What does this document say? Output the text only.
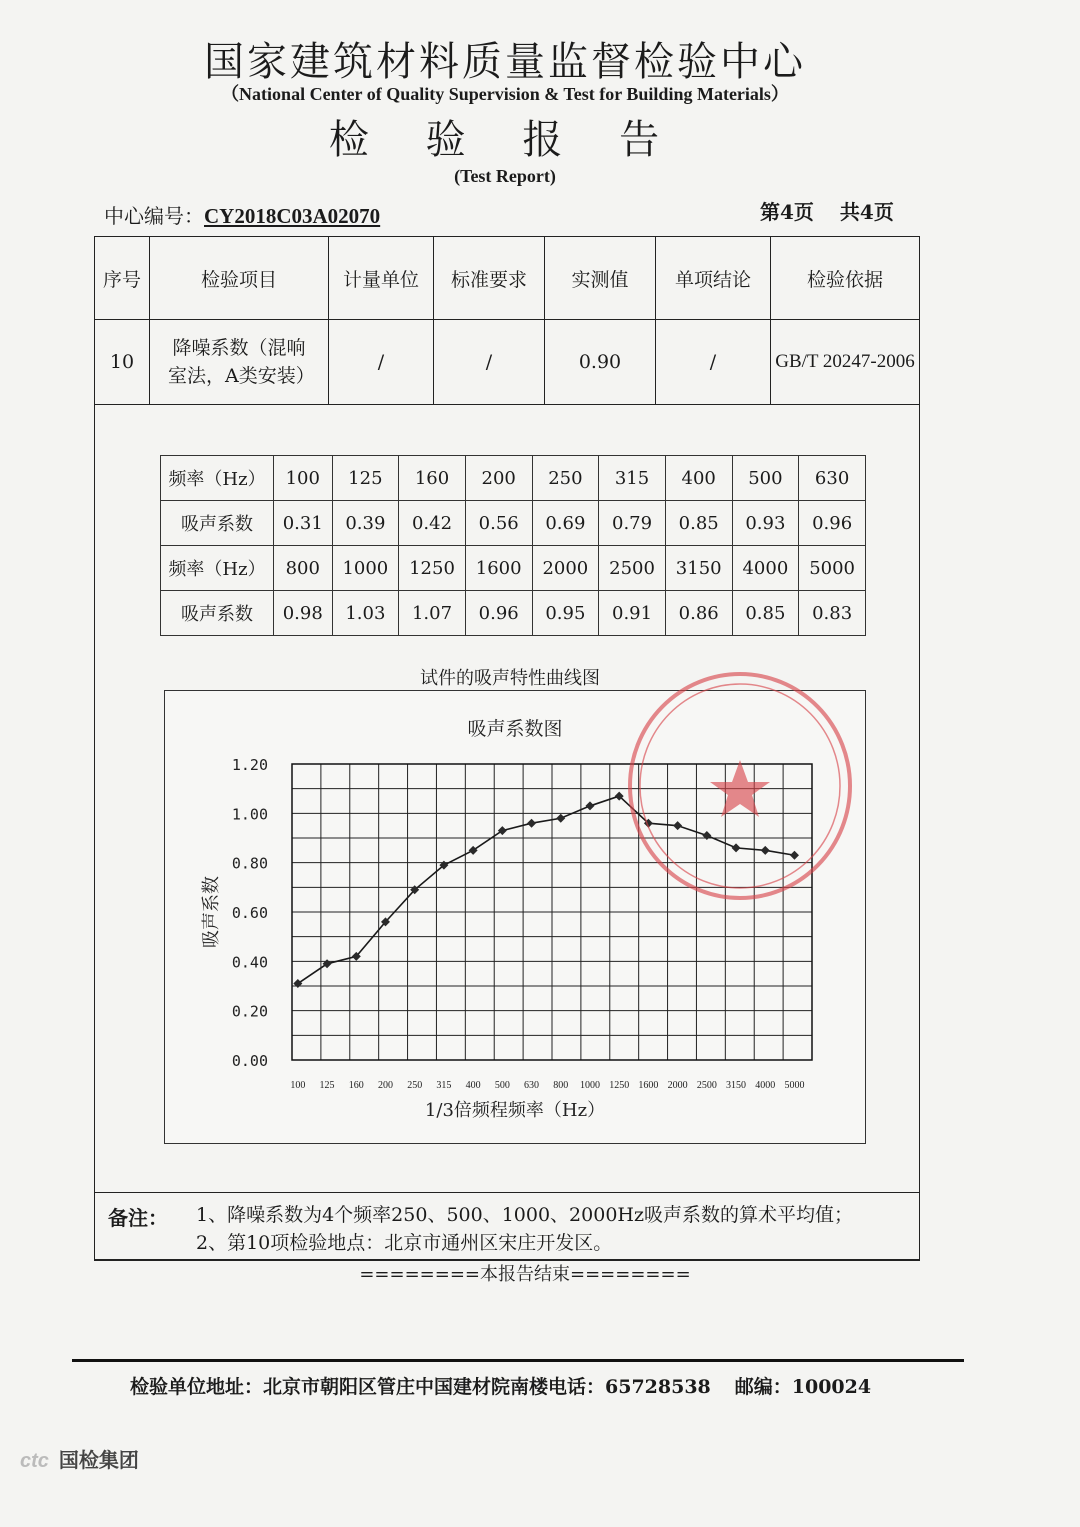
国家建筑材料质量监督检验中心
（National Center of Quality Supervision & Test for Building Materials）
检 验 报 告
(Test Report)
中心编号：CY2018C03A02070	第4页 共4页
序号	检验项目	计量单位	标准要求	实测值	单项结论	检验依据
10	降噪系数（混响室法，A类安装）	/	/	0.90	/	GB/T 20247-2006
频率（Hz）	100	125	160	200	250	315	400	500	630
吸声系数	0.31	0.39	0.42	0.56	0.69	0.79	0.85	0.93	0.96
频率（Hz）	800	1000	1250	1600	2000	2500	3150	4000	5000
吸声系数	0.98	1.03	1.07	0.96	0.95	0.91	0.86	0.85	0.83
试件的吸声特性曲线图
吸声系数图
0.00
0.20
0.40
0.60
0.80
1.00
1.20
100 125 160 200 250 315 400 500 630 800 1000 1250 1600 2000 2500 3150 4000 5000
1/3倍频程频率（Hz）
吸声系数
备注：	1、降噪系数为4个频率250、500、1000、2000Hz吸声系数的算术平均值；
2、第10项检验地点：北京市通州区宋庄开发区。
========本报告结束========
检验单位地址：北京市朝阳区管庄中国建材院南楼电话：65728538 邮编：100024
ctc 国检集团
